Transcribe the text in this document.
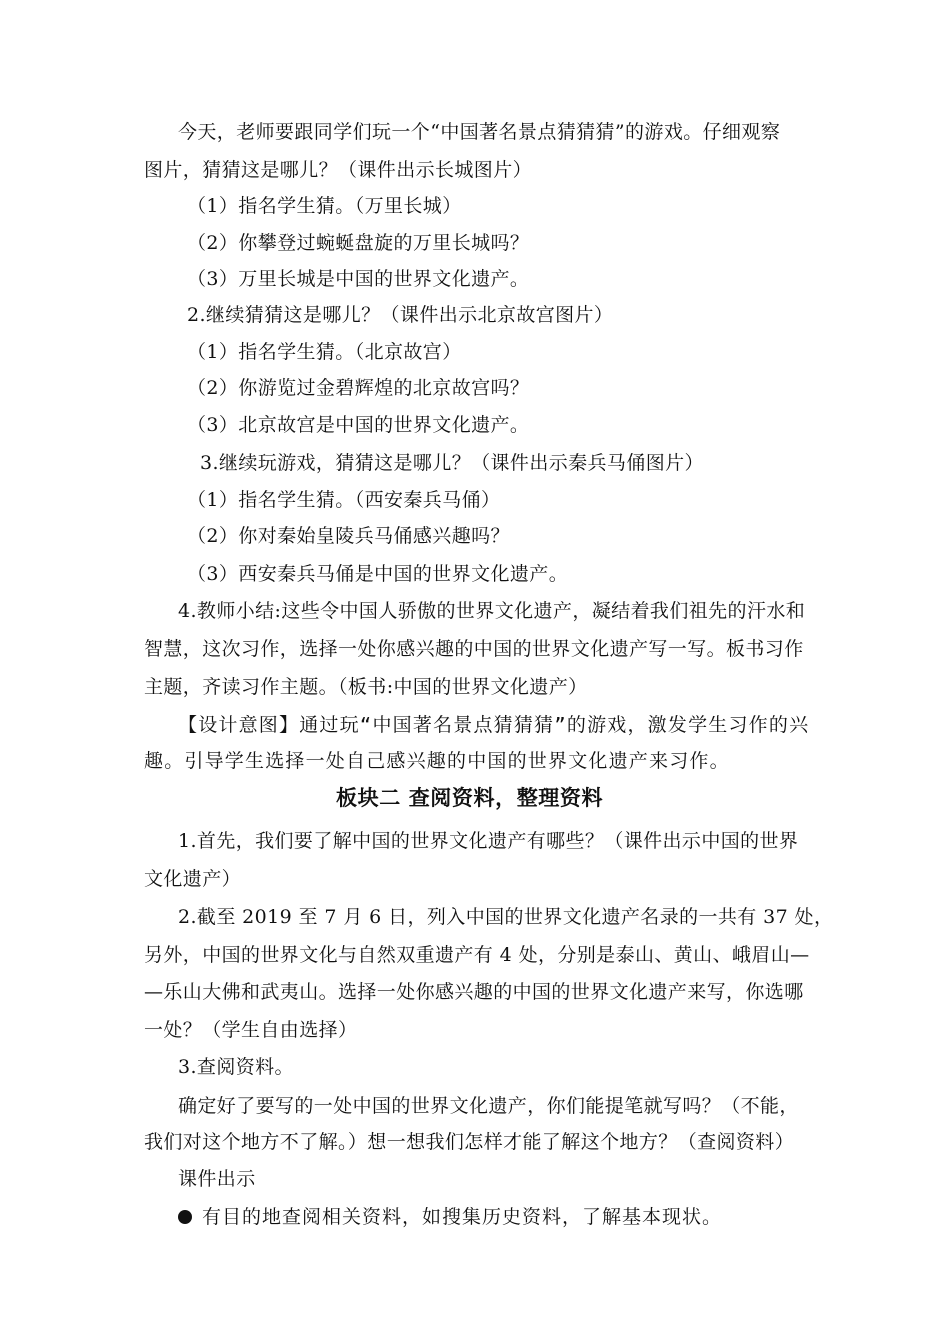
今天，老师要跟同学们玩一个“中国著名景点猜猜猜”的游戏。仔细观察
图片，猜猜这是哪儿？（课件出示长城图片）
（1）指名学生猜。（万里长城）
（2）你攀登过蜿蜒盘旋的万里长城吗？
（3）万里长城是中国的世界文化遗产。
2.继续猜猜这是哪儿？（课件出示北京故宫图片）
（1）指名学生猜。（北京故宫）
（2）你游览过金碧辉煌的北京故宫吗？
（3）北京故宫是中国的世界文化遗产。
3.继续玩游戏，猜猜这是哪儿？（课件出示秦兵马俑图片）
（1）指名学生猜。（西安秦兵马俑）
（2）你对秦始皇陵兵马俑感兴趣吗？
（3）西安秦兵马俑是中国的世界文化遗产。
4.教师小结:这些令中国人骄傲的世界文化遗产，凝结着我们祖先的汗水和
智慧，这次习作，选择一处你感兴趣的中国的世界文化遗产写一写。板书习作
主题，齐读习作主题。（板书:中国的世界文化遗产）
【设计意图】通过玩“中国著名景点猜猜猜”的游戏，激发学生习作的兴
趣。引导学生选择一处自己感兴趣的中国的世界文化遗产来习作。
板块二 查阅资料，整理资料
1.首先，我们要了解中国的世界文化遗产有哪些？（课件出示中国的世界
文化遗产）
2.截至 2019 至 7 月 6 日，列入中国的世界文化遗产名录的一共有 37 处，
另外，中国的世界文化与自然双重遗产有 4 处，分别是泰山、黄山、峨眉山—
—乐山大佛和武夷山。选择一处你感兴趣的中国的世界文化遗产来写，你选哪
一处？（学生自由选择）
3.查阅资料。
确定好了要写的一处中国的世界文化遗产，你们能提笔就写吗？（不能，
我们对这个地方不了解。）想一想我们怎样才能了解这个地方？（查阅资料）
课件出示
有目的地查阅相关资料，如搜集历史资料，了解基本现状。
